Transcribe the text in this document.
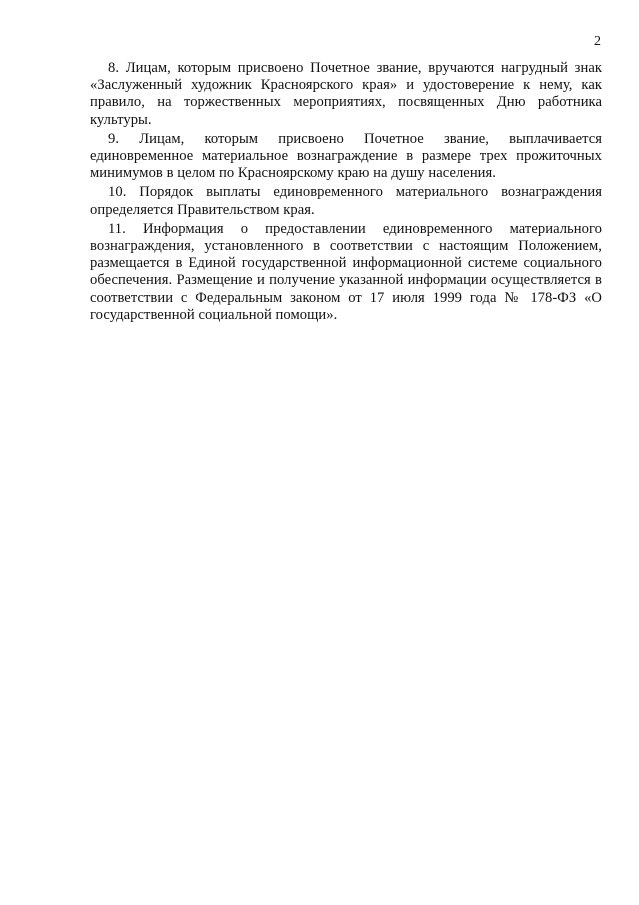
2

8. Лицам, которым присвоено Почетное звание, вручаются нагрудный знак «Заслуженный художник Красноярского края» и удостоверение к нему, как правило, на торжественных мероприятиях, посвященных Дню работника культуры.

9. Лицам, которым присвоено Почетное звание, выплачивается единовременное материальное вознаграждение в размере трех прожиточных минимумов в целом по Красноярскому краю на душу населения.

10. Порядок выплаты единовременного материального вознаграждения определяется Правительством края.

11. Информация о предоставлении единовременного материального вознаграждения, установленного в соответствии с настоящим Положением, размещается в Единой государственной информационной системе социального обеспечения. Размещение и получение указанной информации осуществляется в соответствии с Федеральным законом от 17 июля 1999 года № 178-ФЗ «О государственной социальной помощи».
